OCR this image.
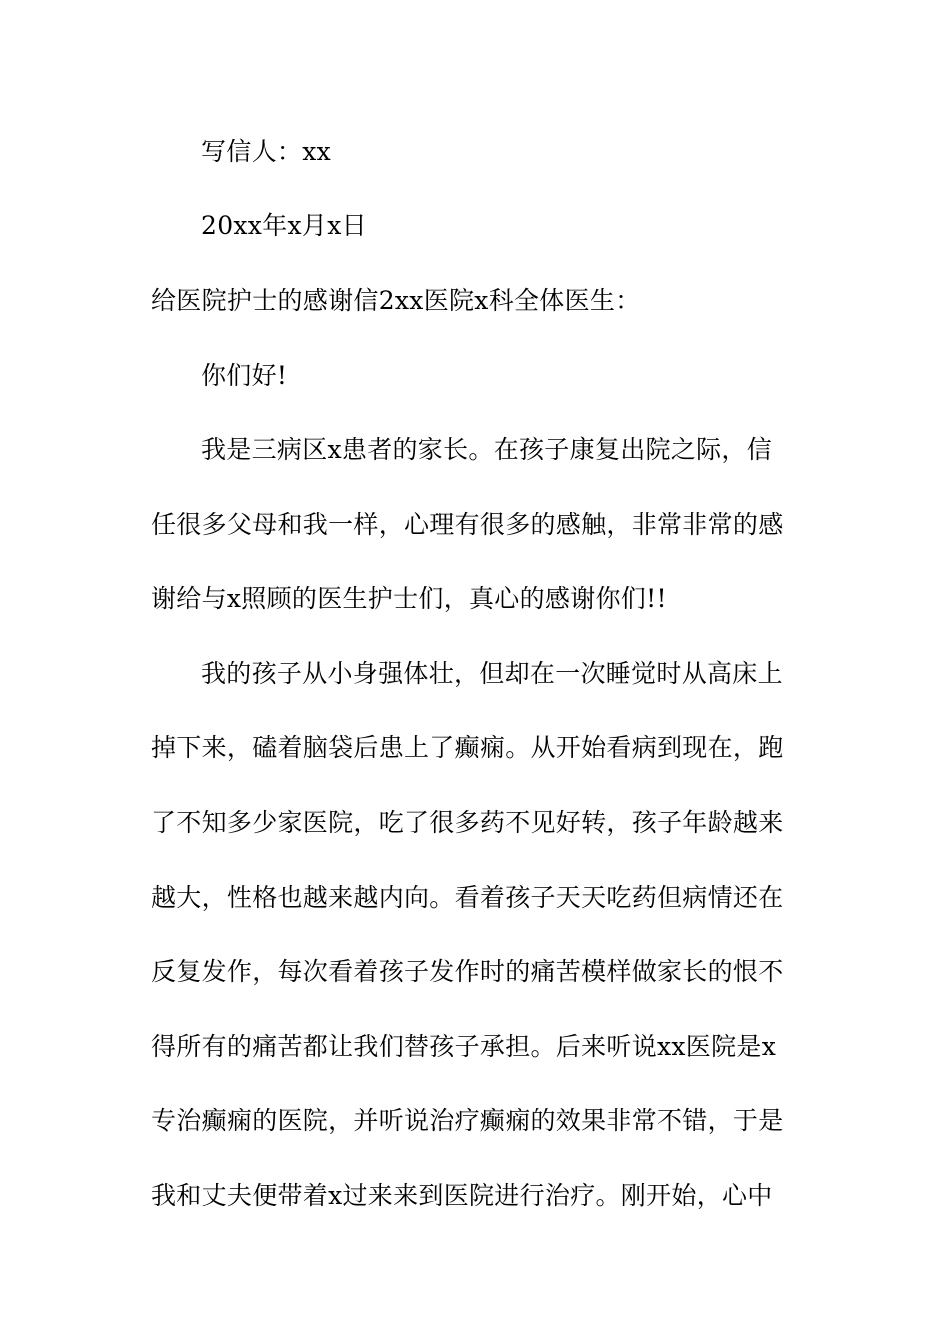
写信人：xx
20xx年x月x日
给医院护士的感谢信2xx医院x科全体医生：
你们好!
我是三病区x患者的家长。在孩子康复出院之际，信
任很多父母和我一样，心理有很多的感触，非常非常的感
谢给与x照顾的医生护士们，真心的感谢你们!!
我的孩子从小身强体壮，但却在一次睡觉时从高床上
掉下来，磕着脑袋后患上了癫痫。从开始看病到现在，跑
了不知多少家医院，吃了很多药不见好转，孩子年龄越来
越大，性格也越来越内向。看着孩子天天吃药但病情还在
反复发作，每次看着孩子发作时的痛苦模样做家长的恨不
得所有的痛苦都让我们替孩子承担。后来听说xx医院是x
专治癫痫的医院，并听说治疗癫痫的效果非常不错，于是
我和丈夫便带着x过来来到医院进行治疗。刚开始，心中
